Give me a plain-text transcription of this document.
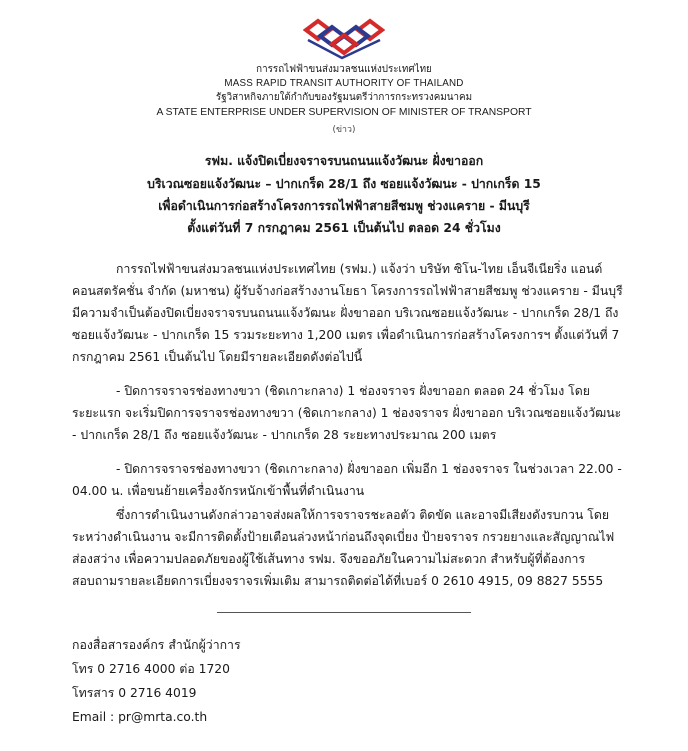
การรถไฟฟ้าขนส่งมวลชนแห่งประเทศไทย
MASS RAPID TRANSIT AUTHORITY OF THAILAND
รัฐวิสาหกิจภายใต้กำกับของรัฐมนตรีว่าการกระทรวงคมนาคม
A STATE ENTERPRISE UNDER SUPERVISION OF MINISTER OF TRANSPORT
(ข่าว)
รฟม. แจ้งปิดเบี่ยงจราจรบนถนนแจ้งวัฒนะ ฝั่งขาออก
บริเวณซอยแจ้งวัฒนะ – ปากเกร็ด 28/1 ถึง ซอยแจ้งวัฒนะ - ปากเกร็ด 15
เพื่อดำเนินการก่อสร้างโครงการรถไฟฟ้าสายสีชมพู ช่วงแคราย - มีนบุรี
ตั้งแต่วันที่ 7 กรกฎาคม 2561 เป็นต้นไป ตลอด 24 ชั่วโมง
การรถไฟฟ้าขนส่งมวลชนแห่งประเทศไทย (รฟม.) แจ้งว่า บริษัท ซิโน-ไทย เอ็นจีเนียริ่ง แอนด์
คอนสตรัคชั่น จำกัด (มหาชน) ผู้รับจ้างก่อสร้างงานโยธา โครงการรถไฟฟ้าสายสีชมพู ช่วงแคราย - มีนบุรี
มีความจำเป็นต้องปิดเบี่ยงจราจรบนถนนแจ้งวัฒนะ ฝั่งขาออก บริเวณซอยแจ้งวัฒนะ - ปากเกร็ด 28/1 ถึง
ซอยแจ้งวัฒนะ - ปากเกร็ด 15 รวมระยะทาง 1,200 เมตร เพื่อดำเนินการก่อสร้างโครงการฯ ตั้งแต่วันที่ 7
กรกฎาคม 2561 เป็นต้นไป โดยมีรายละเอียดดังต่อไปนี้
- ปิดการจราจรช่องทางขวา (ชิดเกาะกลาง) 1 ช่องจราจร ฝั่งขาออก ตลอด 24 ชั่วโมง โดย
ระยะแรก จะเริ่มปิดการจราจรช่องทางขวา (ชิดเกาะกลาง) 1 ช่องจราจร ฝั่งขาออก บริเวณซอยแจ้งวัฒนะ
- ปากเกร็ด 28/1 ถึง ซอยแจ้งวัฒนะ - ปากเกร็ด 28 ระยะทางประมาณ 200 เมตร
- ปิดการจราจรช่องทางขวา (ชิดเกาะกลาง) ฝั่งขาออก เพิ่มอีก 1 ช่องจราจร ในช่วงเวลา 22.00 -
04.00 น. เพื่อขนย้ายเครื่องจักรหนักเข้าพื้นที่ดำเนินงาน
ซึ่งการดำเนินงานดังกล่าวอาจส่งผลให้การจราจรชะลอตัว ติดขัด และอาจมีเสียงดังรบกวน โดย
ระหว่างดำเนินงาน จะมีการติดตั้งป้ายเตือนล่วงหน้าก่อนถึงจุดเบี่ยง ป้ายจราจร กรวยยางและสัญญาณไฟ
ส่องสว่าง เพื่อความปลอดภัยของผู้ใช้เส้นทาง รฟม. จึงขออภัยในความไม่สะดวก สำหรับผู้ที่ต้องการ
สอบถามรายละเอียดการเบี่ยงจราจรเพิ่มเติม สามารถติดต่อได้ที่เบอร์ 0 2610 4915, 09 8827 5555
กองสื่อสารองค์กร สำนักผู้ว่าการ
โทร 0 2716 4000 ต่อ 1720
โทรสาร 0 2716 4019
Email : pr@mrta.co.th
